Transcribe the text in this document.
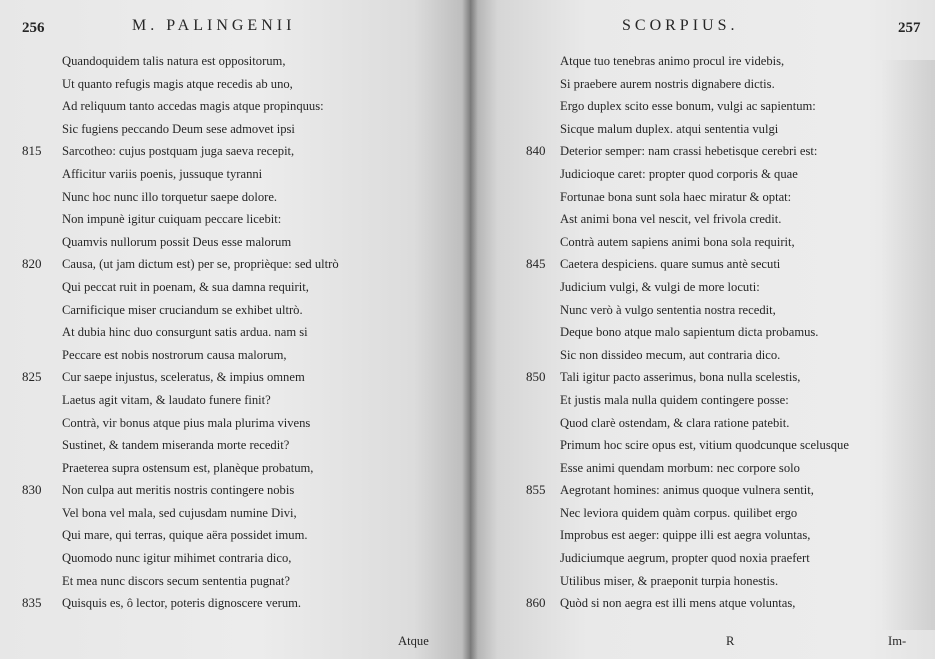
256	M. PALINGENII
Quandoquidem talis natura est oppositorum,
Ut quanto refugis magis atque recedis ab uno,
Ad reliquum tanto accedas magis atque propinquus:
Sic fugiens peccando Deum sese admovet ipsi
815 Sarcotheo: cujus postquam juga saeva recepit,
Afficitur variis poenis, jussuque tyranni
Nunc hoc nunc illo torquetur saepe dolore.
Non impunè igitur cuiquam peccare licebit:
Quamvis nullorum possit Deus esse malorum
820 Causa, (ut jam dictum est) per se, proprièque: sed ultrò
Qui peccat ruit in poenam, & sua damna requirit,
Carnificique miser cruciandum se exhibet ultrò.
At dubia hinc duo consurgunt satis ardua. nam si
Peccare est nobis nostrorum causa malorum,
825 Cur saepe injustus, sceleratus, & impius omnem
Laetus agit vitam, & laudato funere finit?
Contrà, vir bonus atque pius mala plurima vivens
Sustinet, & tandem miseranda morte recedit?
Praeterea supra ostensum est, planèque probatum,
830 Non culpa aut meritis nostris contingere nobis
Vel bona vel mala, sed cujusdam numine Divi,
Qui mare, qui terras, quique aëra possidet imum.
Quomodo nunc igitur mihimet contraria dico,
Et mea nunc discors secum sententia pugnat?
835 Quisquis es, ô lector, poteris dignoscere verum.
Atque
SCORPIUS.	257
Atque tuo tenebras animo procul ire videbis,
Si praebere aurem nostris dignabere dictis.
Ergo duplex scito esse bonum, vulgi ac sapientum:
Sicque malum duplex. atqui sententia vulgi
840 Deterior semper: nam crassi hebetisque cerebri est:
Judicioque caret: propter quod corporis & quae
Fortunae bona sunt sola haec miratur & optat:
Ast animi bona vel nescit, vel frivola credit.
Contrà autem sapiens animi bona sola requirit,
845 Caetera despiciens. quare sumus antè secuti
Judicium vulgi, & vulgi de more locuti:
Nunc verò à vulgo sententia nostra recedit,
Deque bono atque malo sapientum dicta probamus.
Sic non dissideo mecum, aut contraria dico.
850 Tali igitur pacto asserimus, bona nulla scelestis,
Et justis mala nulla quidem contingere posse:
Quod clarè ostendam, & clara ratione patebit.
Primum hoc scire opus est, vitium quodcunque scelusque
Esse animi quendam morbum: nec corpore solo
855 Aegrotant homines: animus quoque vulnera sentit,
Nec leviora quidem quàm corpus. quilibet ergo
Improbus est aeger: quippe illi est aegra voluntas,
Judiciumque aegrum, propter quod noxia praefert
Utilibus miser, & praeponit turpia honestis.
860 Quòd si non aegra est illi mens atque voluntas,
R	Im-
